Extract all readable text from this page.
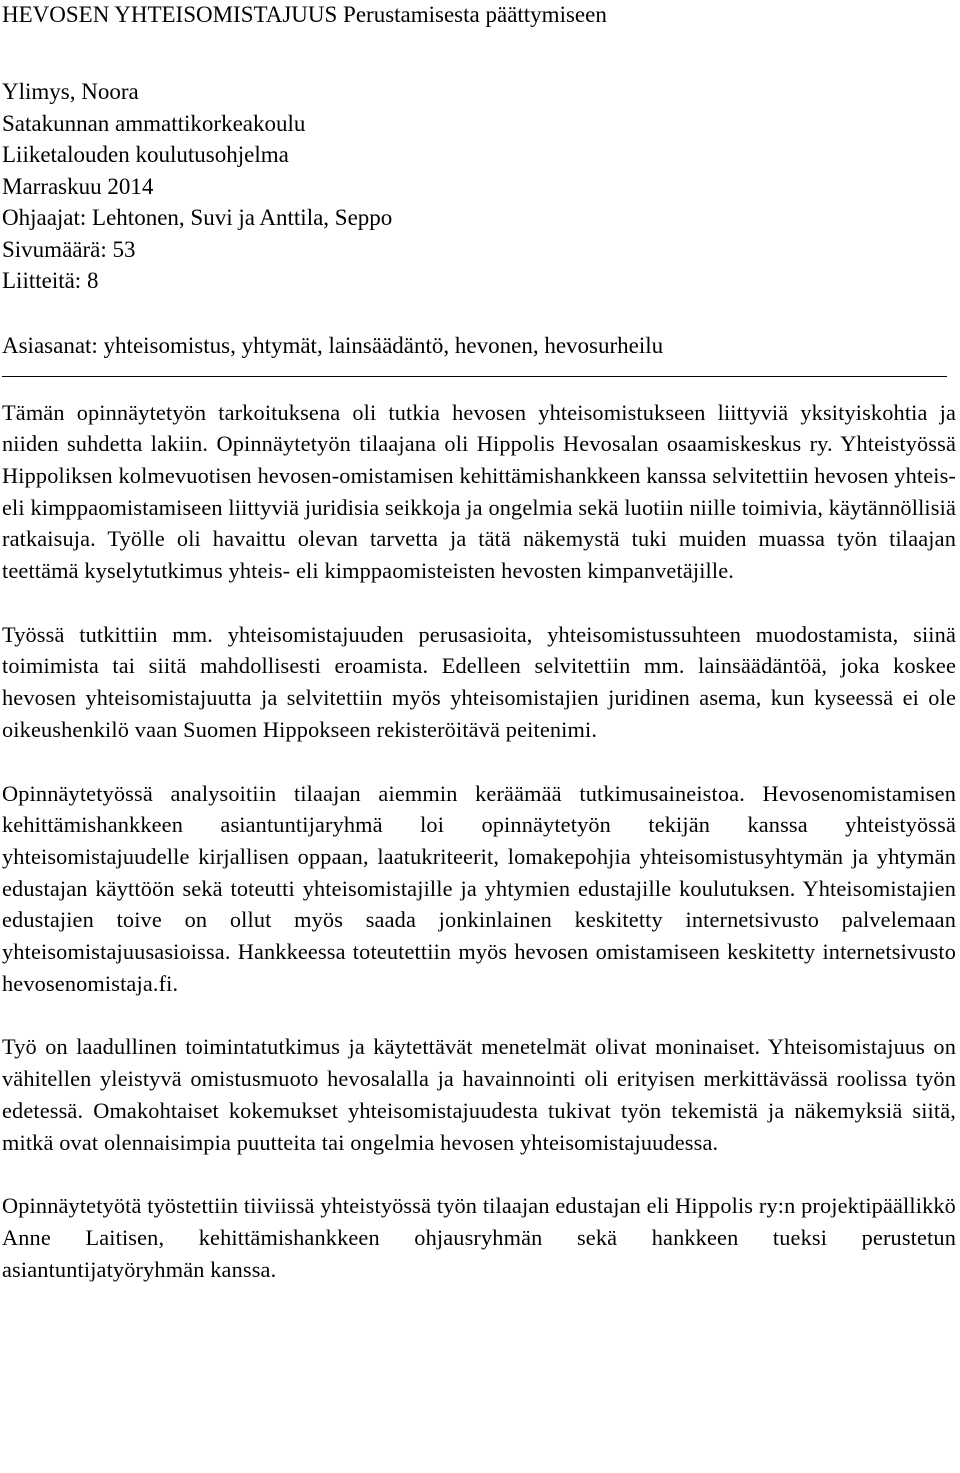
HEVOSEN YHTEISOMISTAJUUS Perustamisesta päättymiseen
Ylimys, Noora
Satakunnan ammattikorkeakoulu
Liiketalouden koulutusohjelma
Marraskuu 2014
Ohjaajat: Lehtonen, Suvi ja Anttila, Seppo
Sivumäärä: 53
Liitteitä: 8
Asiasanat: yhteisomistus, yhtymät, lainsäädäntö, hevonen, hevosurheilu

Tämän opinnäytetyön tarkoituksena oli tutkia hevosen yhteisomistukseen liittyviä yksityiskohtia ja niiden suhdetta lakiin. Opinnäytetyön tilaajana oli Hippolis Hevosalan osaamiskeskus ry. Yhteistyössä Hippoliksen kolmevuotisen hevosen-omistamisen kehittämishankkeen kanssa selvitettiin hevosen yhteis- eli kimppaomistamiseen liittyviä juridisia seikkoja ja ongelmia sekä luotiin niille toimivia, käytännöllisiä ratkaisuja. Työlle oli havaittu olevan tarvetta ja tätä näkemystä tuki muiden muassa työn tilaajan teettämä kyselytutkimus yhteis- eli kimppaomisteisten hevosten kimpanvetäjille.

Työssä tutkittiin mm. yhteisomistajuuden perusasioita, yhteisomistussuhteen muodostamista, siinä toimimista tai siitä mahdollisesti eroamista. Edelleen selvitettiin mm. lainsäädäntöä, joka koskee hevosen yhteisomistajuutta ja selvitettiin myös yhteisomistajien juridinen asema, kun kyseessä ei ole oikeushenkilö vaan Suomen Hippokseen rekisteröitävä peitenimi.

Opinnäytetyössä analysoitiin tilaajan aiemmin keräämää tutkimusaineistoa. Hevosenomistamisen kehittämishankkeen asiantuntijaryhmä loi opinnäytetyön tekijän kanssa yhteistyössä yhteisomistajuudelle kirjallisen oppaan, laatukriteerit, lomakepohjia yhteisomistusyhtymän ja yhtymän edustajan käyttöön sekä toteutti yhteisomistajille ja yhtymien edustajille koulutuksen. Yhteisomistajien edustajien toive on ollut myös saada jonkinlainen keskitetty internetsivusto palvelemaan yhteisomistajuusasioissa. Hankkeessa toteutettiin myös hevosen omistamiseen keskitetty internetsivusto hevosenomistaja.fi.

Työ on laadullinen toimintatutkimus ja käytettävät menetelmät olivat moninaiset. Yhteisomistajuus on vähitellen yleistyvä omistusmuoto hevosalalla ja havainnointi oli erityisen merkittävässä roolissa työn edetessä. Omakohtaiset kokemukset yhteisomistajuudesta tukivat työn tekemistä ja näkemyksiä siitä, mitkä ovat olennaisimpia puutteita tai ongelmia hevosen yhteisomistajuudessa.

Opinnäytetyötä työstettiin tiiviissä yhteistyössä työn tilaajan edustajan eli Hippolis ry:n projektipäällikkö Anne Laitisen, kehittämishankkeen ohjausryhmän sekä hankkeen tueksi perustetun asiantuntijatyöryhmän kanssa.
